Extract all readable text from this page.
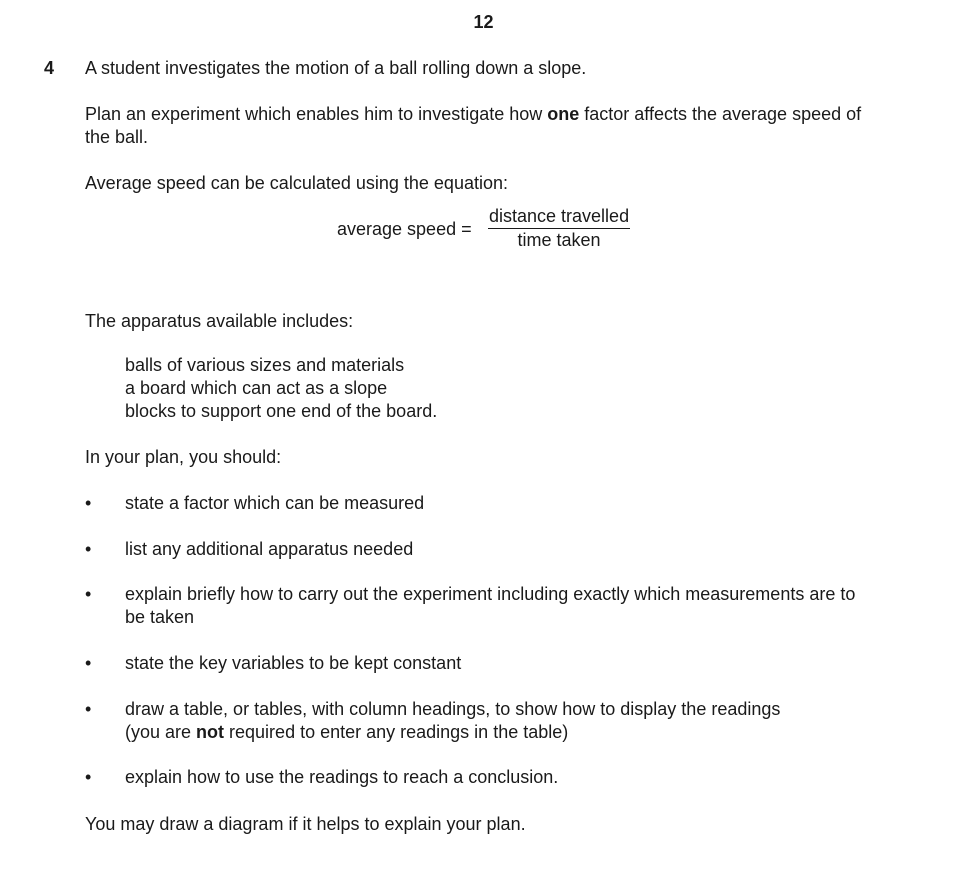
12
4 A student investigates the motion of a ball rolling down a slope.
Plan an experiment which enables him to investigate how one factor affects the average speed of
the ball.
Average speed can be calculated using the equation:
average speed =
distance travelled
time taken
The apparatus available includes:
balls of various sizes and materials
a board which can act as a slope
blocks to support one end of the board.
In your plan, you should:
• state a factor which can be measured
• list any additional apparatus needed
• explain briefly how to carry out the experiment including exactly which measurements are to
be taken
• state the key variables to be kept constant
• draw a table, or tables, with column headings, to show how to display the readings
(you are not required to enter any readings in the table)
• explain how to use the readings to reach a conclusion.
You may draw a diagram if it helps to explain your plan.
